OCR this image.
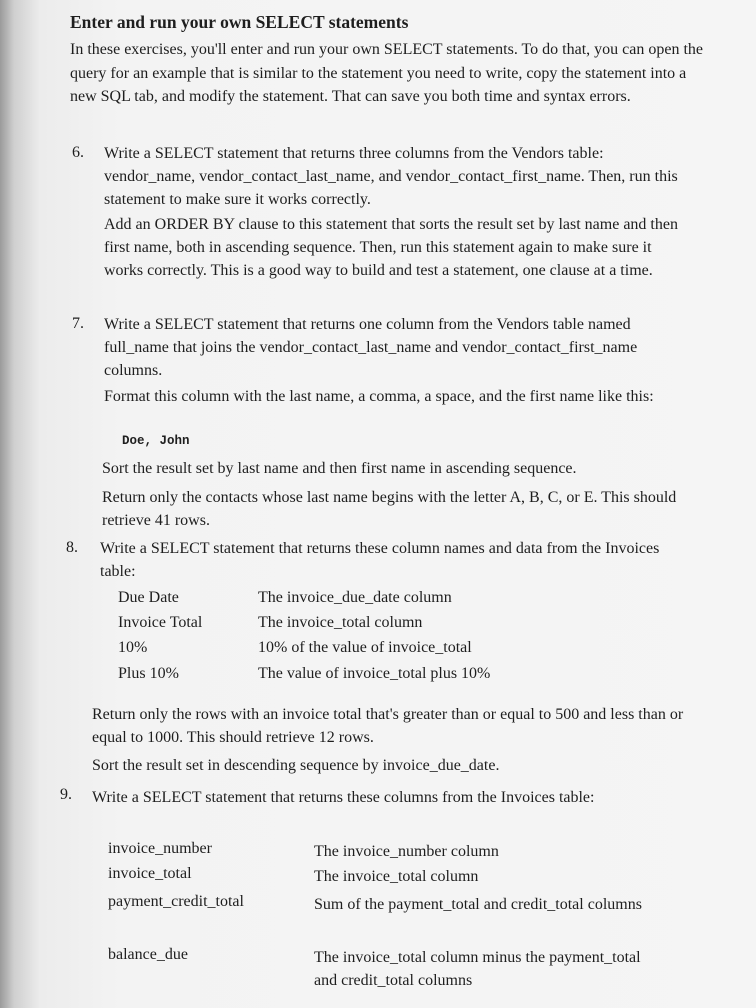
Enter and run your own SELECT statements
In these exercises, you'll enter and run your own SELECT statements. To do that, you can open the query for an example that is similar to the statement you need to write, copy the statement into a new SQL tab, and modify the statement. That can save you both time and syntax errors.
6. Write a SELECT statement that returns three columns from the Vendors table: vendor_name, vendor_contact_last_name, and vendor_contact_first_name. Then, run this statement to make sure it works correctly.
Add an ORDER BY clause to this statement that sorts the result set by last name and then first name, both in ascending sequence. Then, run this statement again to make sure it works correctly. This is a good way to build and test a statement, one clause at a time.
7. Write a SELECT statement that returns one column from the Vendors table named full_name that joins the vendor_contact_last_name and vendor_contact_first_name columns.
Format this column with the last name, a comma, a space, and the first name like this:
Doe, John
Sort the result set by last name and then first name in ascending sequence.
Return only the contacts whose last name begins with the letter A, B, C, or E. This should retrieve 41 rows.
8. Write a SELECT statement that returns these column names and data from the Invoices table:
Due Date	The invoice_due_date column
Invoice Total	The invoice_total column
10%	10% of the value of invoice_total
Plus 10%	The value of invoice_total plus 10%
Return only the rows with an invoice total that's greater than or equal to 500 and less than or equal to 1000. This should retrieve 12 rows.
Sort the result set in descending sequence by invoice_due_date.
9. Write a SELECT statement that returns these columns from the Invoices table:
invoice_number	The invoice_number column
invoice_total	The invoice_total column
payment_credit_total	Sum of the payment_total and credit_total columns
balance_due	The invoice_total column minus the payment_total and credit_total columns
